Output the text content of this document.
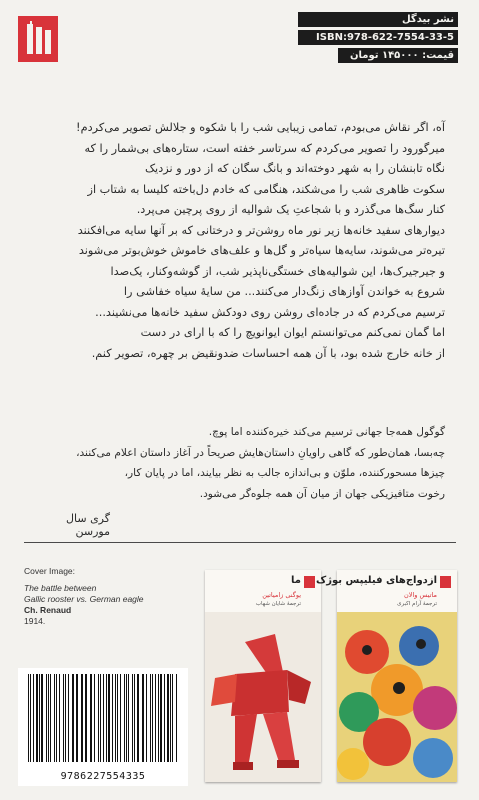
نشر بیدگل
ISBN:978-622-7554-33-5
قیمت: ۱۴۵۰۰۰ تومان

آه، اگر نقاش می‌بودم، تمامی زیبایی شب را با شکوه و جلالش تصویر می‌کردم!

میرگورود را تصویر می‌کردم که سرتاسر خفته است، ستاره‌های بی‌شمار را که

نگاه تابنشان را به شهر دوخته‌اند و بانگ سگان که از دور و نزدیک

سکوت ظاهری شب را می‌شکند، هنگامی که خادم دل‌باخته کلیسا به شتاب از

کنار سگ‌ها می‌گذرد و با شجاعتِ یک شوالیه از روی پرچین می‌پرد.

دیوارهای سفید خانه‌ها زیر نور ماه روشن‌تر و درختانی که بر آنها سایه می‌افکنند

تیره‌تر می‌شوند، سایه‌ها سیاه‌تر و گل‌ها و علف‌های خاموش خوش‌بوتر می‌شوند

و جیرجیرک‌ها، این شوالیه‌های خستگی‌ناپذیر شب، از گوشه‌وکنار، یک‌صدا

شروع به خواندن آوازهای زنگ‌دار می‌کنند... من سایهٔ سیاه خفاشی را

ترسیم می‌کردم که در جاده‌ای روشن روی دودکش سفید خانه‌ها می‌نشیند...

اما گمان نمی‌کنم می‌توانستم ایوان ایوانویچ را که با ارای در دست

از خانه خارج شده بود، با آن همه احساسات ضدونقیض بر چهره، تصویر کنم.

گوگول همه‌جا جهانی ترسیم می‌کند خیره‌کننده اما پوچ.

چه‌بسا، همان‌طور که گاهی راویانِ داستان‌هایش صریحاً در آغاز داستان اعلام می‌کنند،

چیزها مسحورکننده، ملوّن و بی‌اندازه جالب به نظر بیایند، اما در پایان کار،

رخوت متافیزیکی جهان از میان آن همه جلوه‌گر می‌شود.

گری سال مورسن
Cover Image:
The battle between
Gallic rooster vs. German eagle
Ch. Renaud
1914.
9786227554335
ما
یوگنی زامیاتین
ترجمهٔ شایان شهاب
ازدواج‌های فیلیپس بوژک
ماتیس والان
ترجمهٔ آرام اکبری
